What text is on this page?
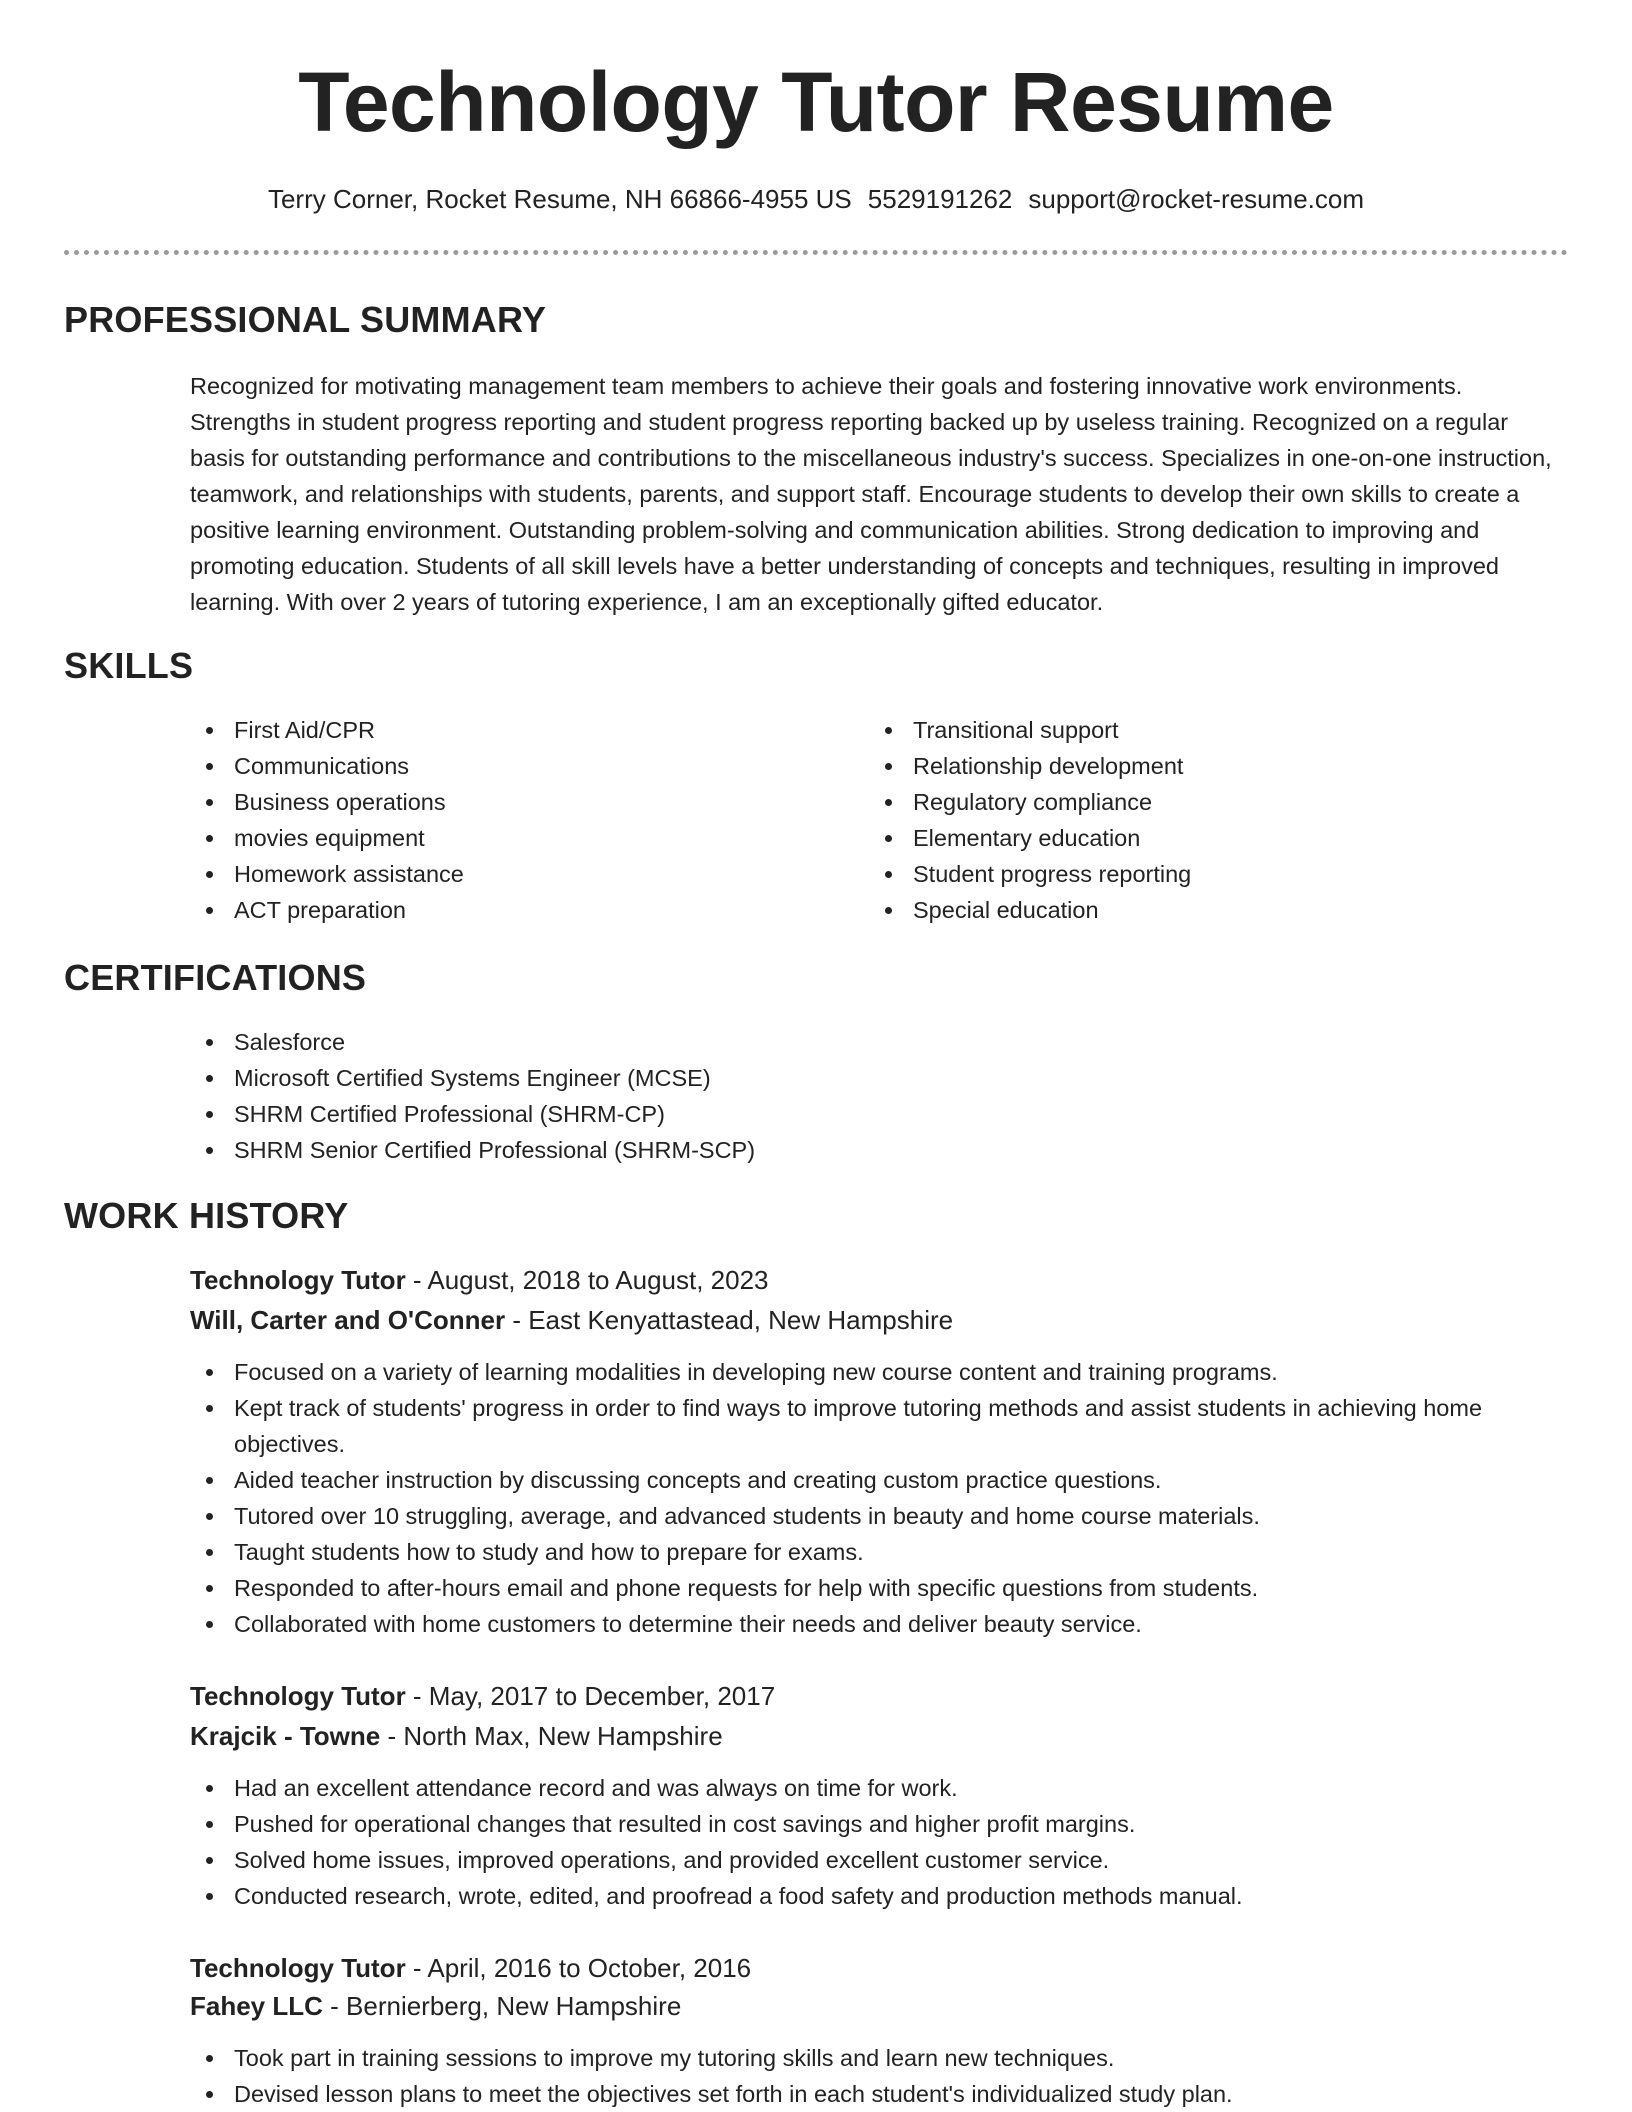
Technology Tutor Resume
Terry Corner, Rocket Resume, NH 66866-4955 US 5529191262 support@rocket-resume.com
PROFESSIONAL SUMMARY

Recognized for motivating management team members to achieve their goals and fostering innovative work environments. Strengths in student progress reporting and student progress reporting backed up by useless training. Recognized on a regular basis for outstanding performance and contributions to the miscellaneous industry's success. Specializes in one-on-one instruction, teamwork, and relationships with students, parents, and support staff. Encourage students to develop their own skills to create a positive learning environment. Outstanding problem-solving and communication abilities. Strong dedication to improving and promoting education. Students of all skill levels have a better understanding of concepts and techniques, resulting in improved learning. With over 2 years of tutoring experience, I am an exceptionally gifted educator.

SKILLS
First Aid/CPR
Communications
Business operations
movies equipment
Homework assistance
ACT preparation
Transitional support
Relationship development
Regulatory compliance
Elementary education
Student progress reporting
Special education
CERTIFICATIONS
Salesforce
Microsoft Certified Systems Engineer (MCSE)
SHRM Certified Professional (SHRM-CP)
SHRM Senior Certified Professional (SHRM-SCP)
WORK HISTORY
Technology Tutor - August, 2018 to August, 2023
Will, Carter and O'Conner - East Kenyattastead, New Hampshire
Focused on a variety of learning modalities in developing new course content and training programs.
Kept track of students' progress in order to find ways to improve tutoring methods and assist students in achieving home objectives.
Aided teacher instruction by discussing concepts and creating custom practice questions.
Tutored over 10 struggling, average, and advanced students in beauty and home course materials.
Taught students how to study and how to prepare for exams.
Responded to after-hours email and phone requests for help with specific questions from students.
Collaborated with home customers to determine their needs and deliver beauty service.
Technology Tutor - May, 2017 to December, 2017
Krajcik - Towne - North Max, New Hampshire
Had an excellent attendance record and was always on time for work.
Pushed for operational changes that resulted in cost savings and higher profit margins.
Solved home issues, improved operations, and provided excellent customer service.
Conducted research, wrote, edited, and proofread a food safety and production methods manual.
Technology Tutor - April, 2016 to October, 2016
Fahey LLC - Bernierberg, New Hampshire
Took part in training sessions to improve my tutoring skills and learn new techniques.
Devised lesson plans to meet the objectives set forth in each student's individualized study plan.
